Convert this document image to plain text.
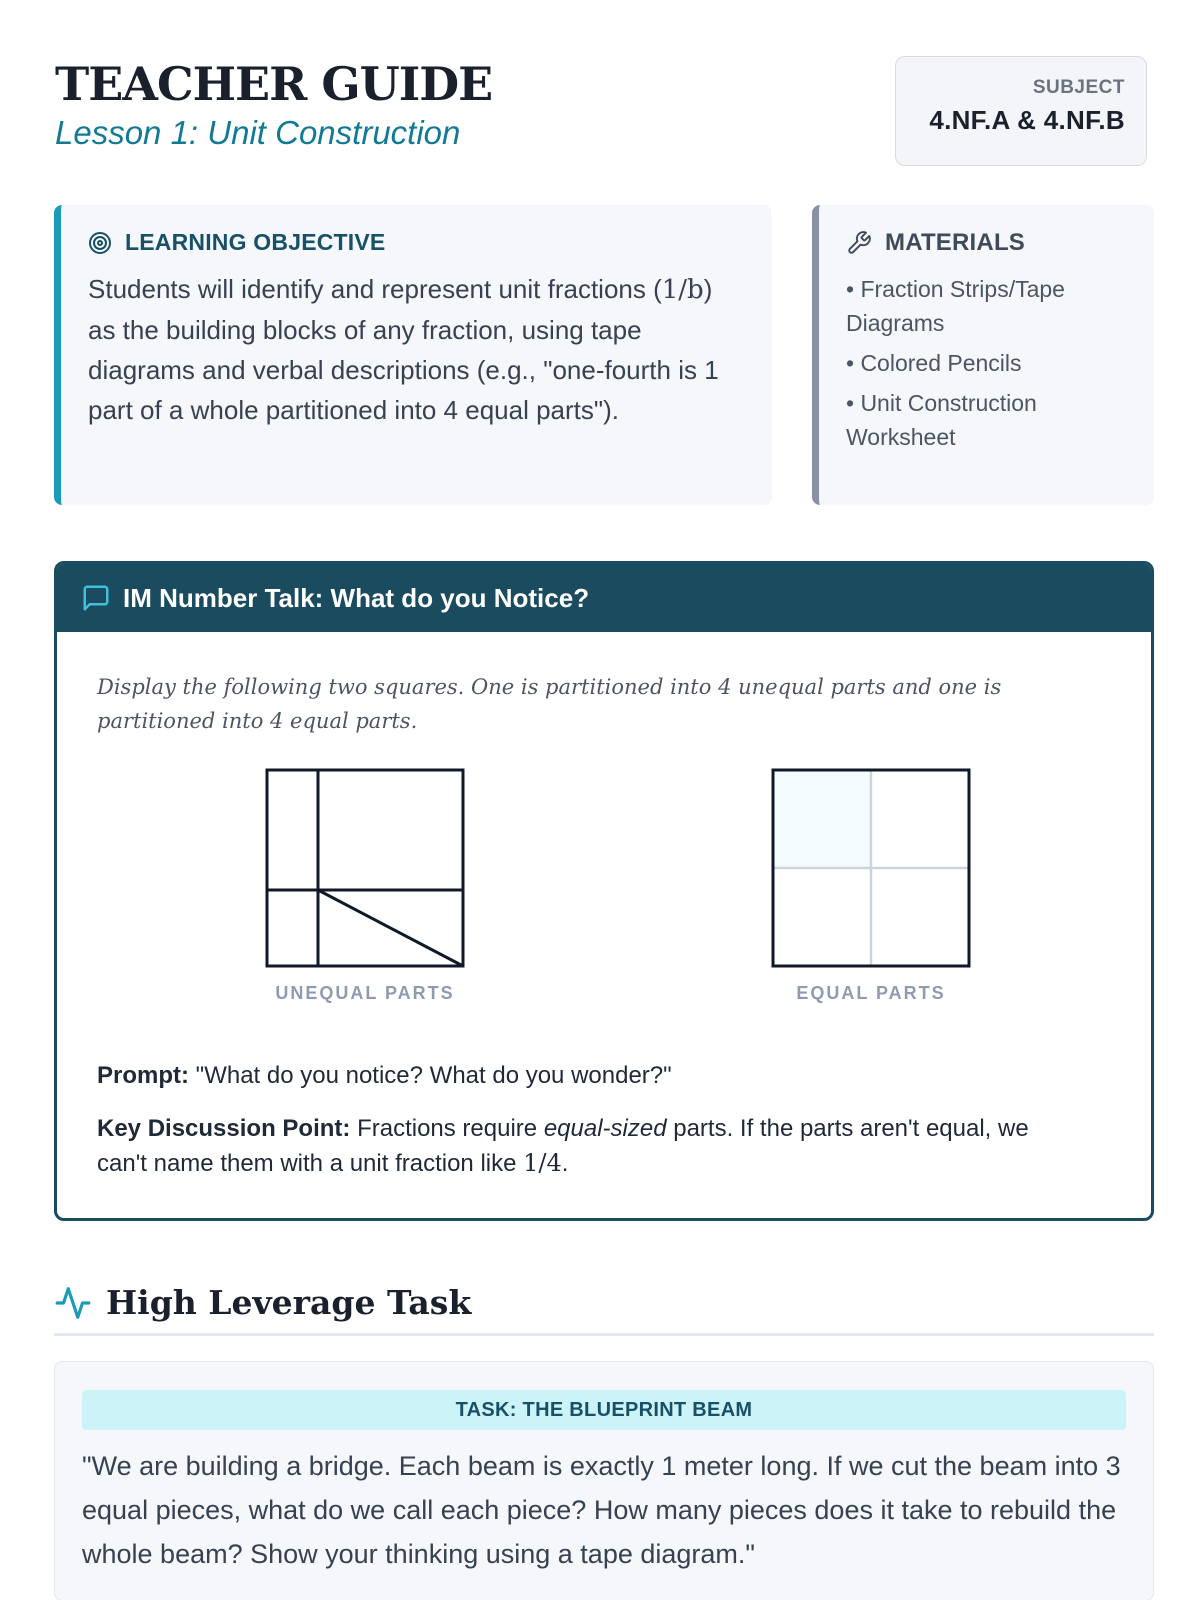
TEACHER GUIDE
Lesson 1: Unit Construction
SUBJECT
4.NF.A & 4.NF.B
LEARNING OBJECTIVE
Students will identify and represent unit fractions (1/b) as the building blocks of any fraction, using tape diagrams and verbal descriptions (e.g., "one-fourth is 1 part of a whole partitioned into 4 equal parts").
MATERIALS
• Fraction Strips/Tape Diagrams
• Colored Pencils
• Unit Construction Worksheet
IM Number Talk: What do you Notice?
Display the following two squares. One is partitioned into 4 unequal parts and one is partitioned into 4 equal parts.
UNEQUAL PARTS	EQUAL PARTS
Prompt: "What do you notice? What do you wonder?"
Key Discussion Point: Fractions require equal-sized parts. If the parts aren't equal, we can't name them with a unit fraction like 1/4.
High Leverage Task
TASK: THE BLUEPRINT BEAM
"We are building a bridge. Each beam is exactly 1 meter long. If we cut the beam into 3 equal pieces, what do we call each piece? How many pieces does it take to rebuild the whole beam? Show your thinking using a tape diagram."
